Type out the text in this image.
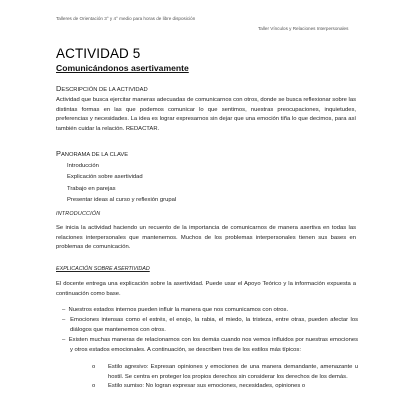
Talleres de Orientación 3° y 4° medio para horas de libre disposición
Taller Vínculos y Relaciones Interpersonales
ACTIVIDAD 5
Comunicándonos asertivamente
DESCRIPCIÓN DE LA ACTIVIDAD
Actividad que busca ejercitar maneras adecuadas de comunicarnos con otros, donde se busca reflexionar sobre las distintas formas en las que podemos comunicar lo que sentimos, nuestras preocupaciones, inquietudes, preferencias y necesidades. La idea es lograr expresarnos sin dejar que una emoción tiña lo que decimos, para así también cuidar la relación. REDACTAR.
PANORAMA DE LA CLAVE
Introducción
Explicación sobre asertividad
Trabajo en parejas
Presentar ideas al curso y reflexión grupal
INTRODUCCIÓN
Se inicia la actividad haciendo un recuento de la importancia de comunicarnos de manera asertiva en todas las relaciones interpersonales que mantenemos. Muchos de los problemas interpersonales tienen sus bases en problemas de comunicación.
EXPLICACIÓN SOBRE ASERTIVIDAD
El docente entrega una explicación sobre la asertividad. Puede usar el Apoyo Teórico y la información expuesta a continuación como base.
–  Nuestros estados internos pueden influir la manera que nos comunicamos con otros.
–  Emociones intensas como el estrés, el enojo, la rabia, el miedo, la tristeza, entre otras, pueden afectar los diálogos que mantenemos con otros.
–  Existen muchas maneras de relacionarnos con los demás cuando nos vemos influidos por nuestras emociones y otros estados emocionales. A continuación, se describen tres de los estilos más típicos:
o Estilo agresivo: Expresan opiniones y emociones de una manera demandante, amenazante u hostil. Se centra en proteger los propios derechos sin considerar los derechos de los demás.
o Estilo sumiso: No logran expresar sus emociones, necesidades, opiniones o
